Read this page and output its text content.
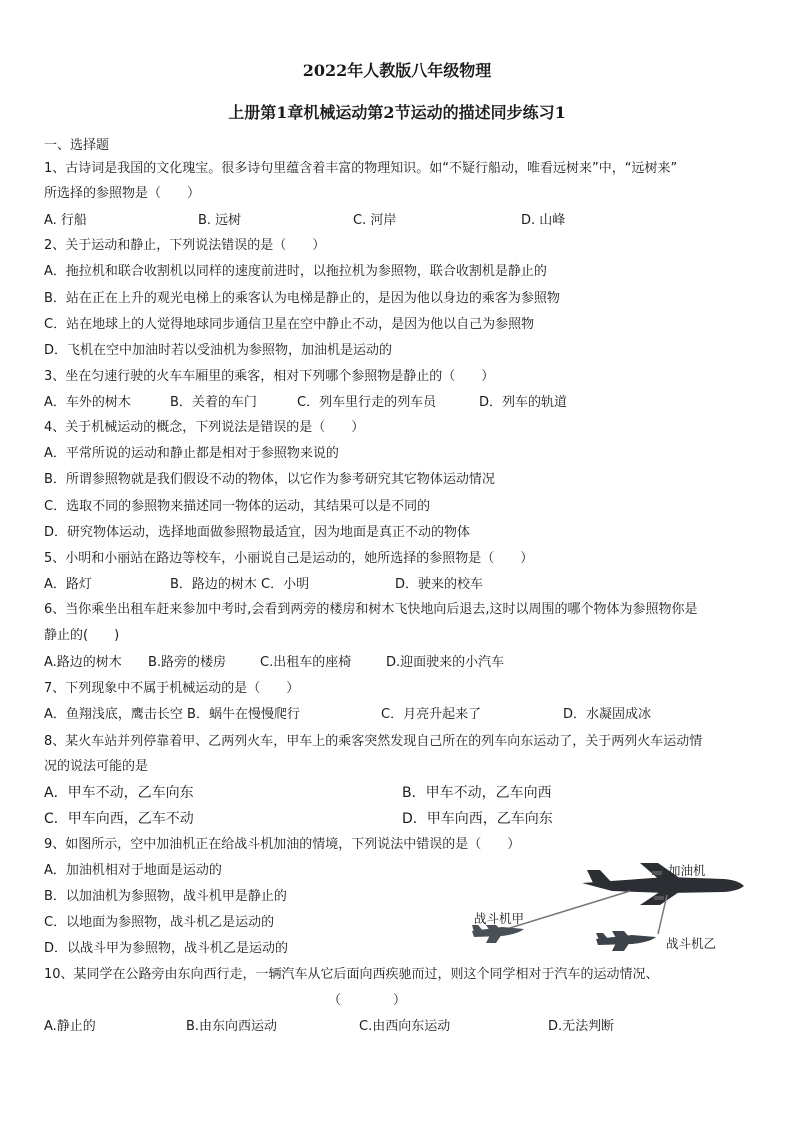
2022年人教版八年级物理
上册第1章机械运动第2节运动的描述同步练习1
一、选择题
1、古诗词是我国的文化瑰宝。很多诗句里蕴含着丰富的物理知识。如“不疑行船动，唯看远树来”中，“远树来”
所选择的参照物是（　　）
A. 行船	B. 远树	C. 河岸	D. 山峰
2、关于运动和静止，下列说法错误的是（　　）
A．拖拉机和联合收割机以同样的速度前进时，以拖拉机为参照物，联合收割机是静止的
B．站在正在上升的观光电梯上的乘客认为电梯是静止的，是因为他以身边的乘客为参照物
C．站在地球上的人觉得地球同步通信卫星在空中静止不动，是因为他以自己为参照物
D．飞机在空中加油时若以受油机为参照物，加油机是运动的
3、坐在匀速行驶的火车车厢里的乘客，相对下列哪个参照物是静止的（　　）
A．车外的树木	B．关着的车门	C．列车里行走的列车员	D．列车的轨道
4、关于机械运动的概念，下列说法是错误的是（　　）
A．平常所说的运动和静止都是相对于参照物来说的
B．所谓参照物就是我们假设不动的物体，以它作为参考研究其它物体运动情况
C．选取不同的参照物来描述同一物体的运动，其结果可以是不同的
D．研究物体运动，选择地面做参照物最适宜，因为地面是真正不动的物体
5、小明和小丽站在路边等校车，小丽说自己是运动的，她所选择的参照物是（　　）
A．路灯	B．路边的树木 C．小明	D．驶来的校车
6、当你乘坐出租车赶来参加中考时,会看到两旁的楼房和树木飞快地向后退去,这时以周围的哪个物体为参照物你是
静止的(　　)
A.路边的树木 B.路旁的楼房	C.出租车的座椅	D.迎面驶来的小汽车
7、下列现象中不属于机械运动的是（　　）
A．鱼翔浅底，鹰击长空 B．蜗牛在慢慢爬行	C．月亮升起来了	D．水凝固成冰
8、某火车站并列停靠着甲、乙两列火车，甲车上的乘客突然发现自己所在的列车向东运动了，关于两列火车运动情
况的说法可能的是
A．甲车不动，乙车向东	B．甲车不动，乙车向西
C．甲车向西，乙车不动	D．甲车向西，乙车向东
9、如图所示，空中加油机正在给战斗机加油的情境，下列说法中错误的是（　　）
A．加油机相对于地面是运动的
B．以加油机为参照物，战斗机甲是静止的
C．以地面为参照物，战斗机乙是运动的
D．以战斗甲为参照物，战斗机乙是运动的
加油机
战斗机甲
战斗机乙
10、某同学在公路旁由东向西行走，一辆汽车从它后面向西疾驰而过，则这个同学相对于汽车的运动情况、
（　　　　）
A.静止的	B.由东向西运动	C.由西向东运动	D.无法判断
